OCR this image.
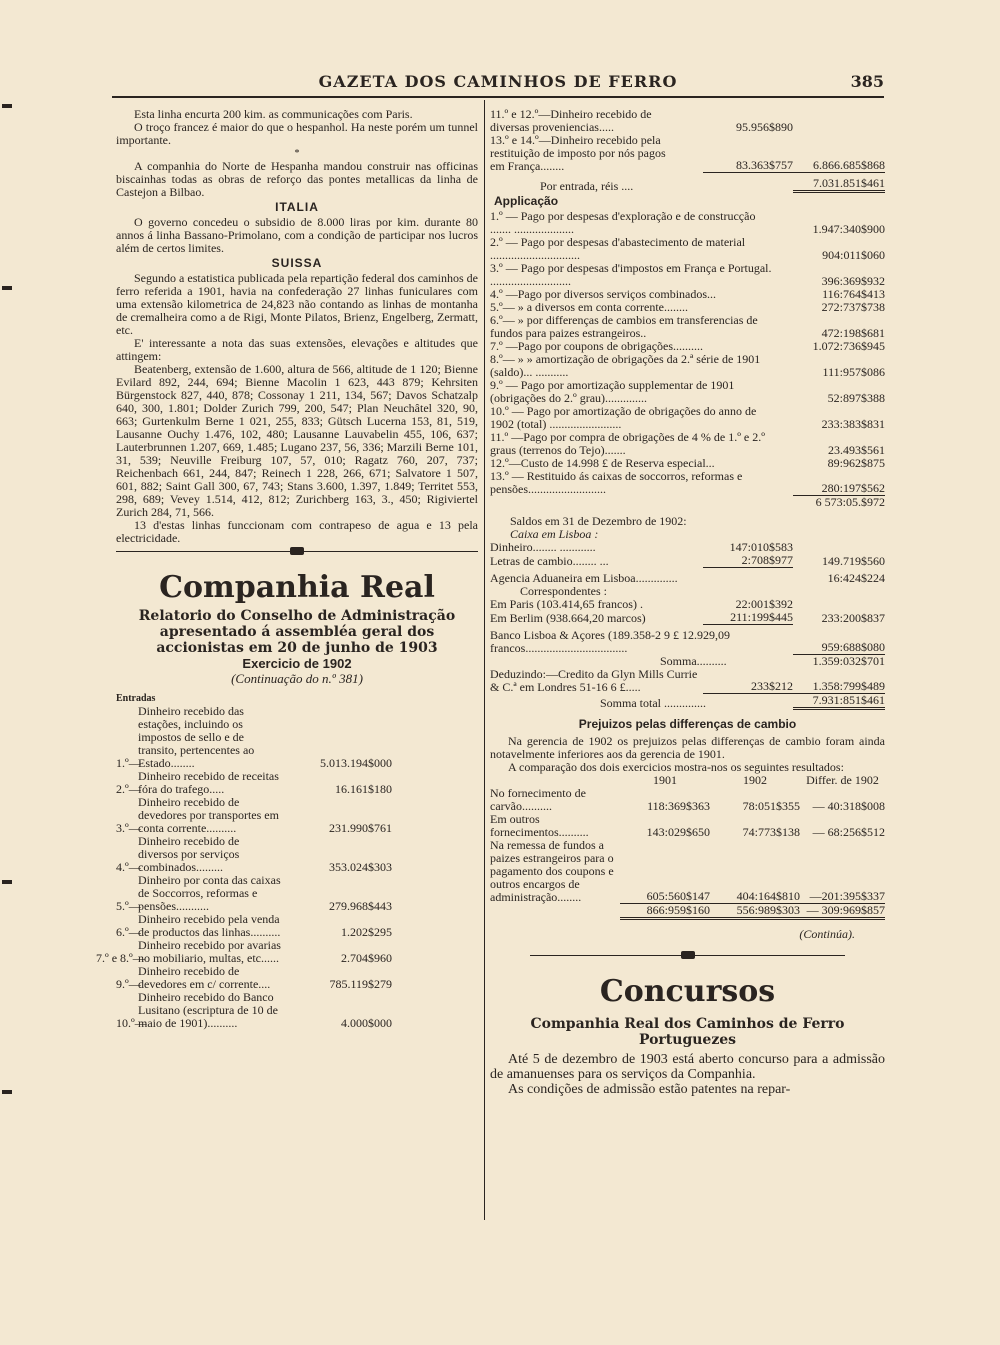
GAZETA DOS CAMINHOS DE FERRO	385

Esta linha encurta 200 kim. as communicações com Paris.

O troço francez é maior do que o hespanhol. Ha neste porém um tunnel importante.

*

A companhia do Norte de Hespanha mandou construir nas officinas biscainhas todas as obras de reforço das pontes metallicas da linha de Castejon a Bilbao.

ITALIA

O governo concedeu o subsidio de 8.000 liras por kim. durante 80 annos á linha Bassano-Primolano, com a condição de participar nos lucros além de certos limites.

SUISSA

Segundo a estatistica publicada pela repartição federal dos caminhos de ferro referida a 1901, havia na confederação 27 linhas funiculares com uma extensão kilometrica de 24,823 não contando as linhas de montanha de cremalheira como a de Rigi, Monte Pilatos, Brienz, Engelberg, Zermatt, etc.

E' interessante a nota das suas extensões, elevações e altitudes que attingem:

Beatenberg, extensão de 1.600, altura de 566, altitude de 1 120; Bienne Evilard 892, 244, 694; Bienne Macolin 1 623, 443 879; Kehrsiten Bürgenstock 827, 440, 878; Cossonay 1 211, 134, 567; Davos Schatzalp 640, 300, 1.801; Dolder Zurich 799, 200, 547; Plan Neuchâtel 320, 90, 663; Gurtenkulm Berne 1 021, 255, 833; Gütsch Lucerna 153, 81, 519, Lausanne Ouchy 1.476, 102, 480; Lausanne Lauvabelin 455, 106, 637; Lauterbrunnen 1.207, 669, 1.485; Lugano 237, 56, 336; Marzili Berne 101, 31, 539; Neuville Freiburg 107, 57, 010; Ragatz 760, 207, 737; Reichenbach 661, 244, 847; Reinech 1 228, 266, 671; Salvatore 1 507, 601, 882; Saint Gall 300, 67, 743; Stans 3.600, 1.397, 1.849; Territet 553, 298, 689; Vevey 1.514, 412, 812; Zurichberg 163, 3., 450; Rigiviertel Zurich 284, 71, 566.

13 d'estas linhas funccionam com contrapeso de agua e 13 pela electricidade.

Companhia Real
Relatorio do Conselho de Administração apresentado á assembléa geral dos accionistas em 20 de junho de 1903
Exercicio de 1902
(Continuação do n.º 381)
Entradas
1.º—
Dinheiro recebido das estações, incluindo os impostos de sello e de transito, pertencentes ao Estado........	5.013.194$000
2.º—
Dinheiro recebido de receitas fóra do trafego.....	16.161$180
3.º—
Dinheiro recebido de devedores por transportes em conta corrente..........	231.990$761
4.º—
Dinheiro recebido de diversos por serviços combinados.........	353.024$303
5.º—
Dinheiro por conta das caixas de Soccorros, reformas e pensões...........	279.968$443
6.º—
Dinheiro recebido pela venda de productos das linhas..........	1.202$295
7.º e 8.º—
Dinheiro recebido por avarias no mobiliario, multas, etc......	2.704$960
9.º—
Dinheiro recebido de devedores em c/ corrente....	785.119$279
10.º—
Dinheiro recebido do Banco Lusitano (escriptura de 10 de maio de 1901)..........	4.000$000
11.º e 12.º—Dinheiro recebido de diversas proveniencias.....	95.956$890
13.º e 14.º—Dinheiro recebido pela restituição de imposto por nós pagos em França........	83.363$757	6.866.685$868
Por entrada, réis ....	7.031.851$461
Applicação
1.º — Pago por despesas d'exploração e de construcção ....... ....................	1.947:340$900
2.º — Pago por despesas d'abastecimento de material ..............................	904:011$060
3.º — Pago por despesas d'impostos em França e Portugal. ...........................	396:369$932
4.º —Pago por diversos serviços combinados...	116:764$413
5.º— » a diversos em conta corrente........	272:737$738
6.º— » por differenças de cambios em transferencias de fundos para paizes estrangeiros..	472:198$681
7.º —Pago por coupons de obrigações..........	1.072:736$945
8.º— » » amortização de obrigações da 2.ª série de 1901 (saldo)... ...........	111:957$086
9.º — Pago por amortização supplementar de 1901 (obrigações do 2.º grau)..............	52:897$388
10.º — Pago por amortização de obrigações do anno de 1902 (total) ........................	233:383$831
11.º —Pago por compra de obrigações de 4 % de 1.º e 2.º graus (terrenos do Tejo).......	23.493$561
12.º—Custo de 14.998 £ de Reserva especial...	89:962$875
13.º — Restituido ás caixas de soccorros, reformas e pensões..........................	280:197$562
6 573:05.$972
Saldos em 31 de Dezembro de 1902:
Caixa em Lisboa :
Dinheiro........ ............	147:010$583
Letras de cambio........ ...	2:708$977	149.719$560
Agencia Aduaneira em Lisboa..............	16:424$224
Correspondentes :
Em Paris (103.414,65 francos) .	22:001$392
Em Berlim (938.664,20 marcos)	211:199$445	233:200$837
Banco Lisboa & Açores (189.358-2 9 £ 12.929,09 francos..................................	959:688$080
Somma..........	1.359:032$701
Deduzindo:—Credito da Glyn Mills Currie & C.ª em Londres 51-16 6 £.....	233$212	1.358:799$489
Somma total ..............	7.931:851$461
Prejuizos pelas differenças de cambio

Na gerencia de 1902 os prejuizos pelas differenças de cambio foram ainda notavelmente inferiores aos da gerencia de 1901.

A comparação dos dois exercicios mostra-nos os seguintes resultados:

1901	1902	Differ. de 1902
No fornecimento de carvão..........	118:369$363	78:051$355	— 40:318$008
Em outros fornecimentos..........	143:029$650	74:773$138	— 68:256$512
Na remessa de fundos a paizes estrangeiros para o pagamento dos coupons e outros encargos de administração........	605:560$147	404:164$810 —201:395$337
866:959$160	556:989$303 — 309:969$857
(Continúa).
Concursos
Companhia Real dos Caminhos de Ferro Portuguezes

Até 5 de dezembro de 1903 está aberto concurso para a admissão de amanuenses para os serviços da Companhia.

As condições de admissão estão patentes na repar-
